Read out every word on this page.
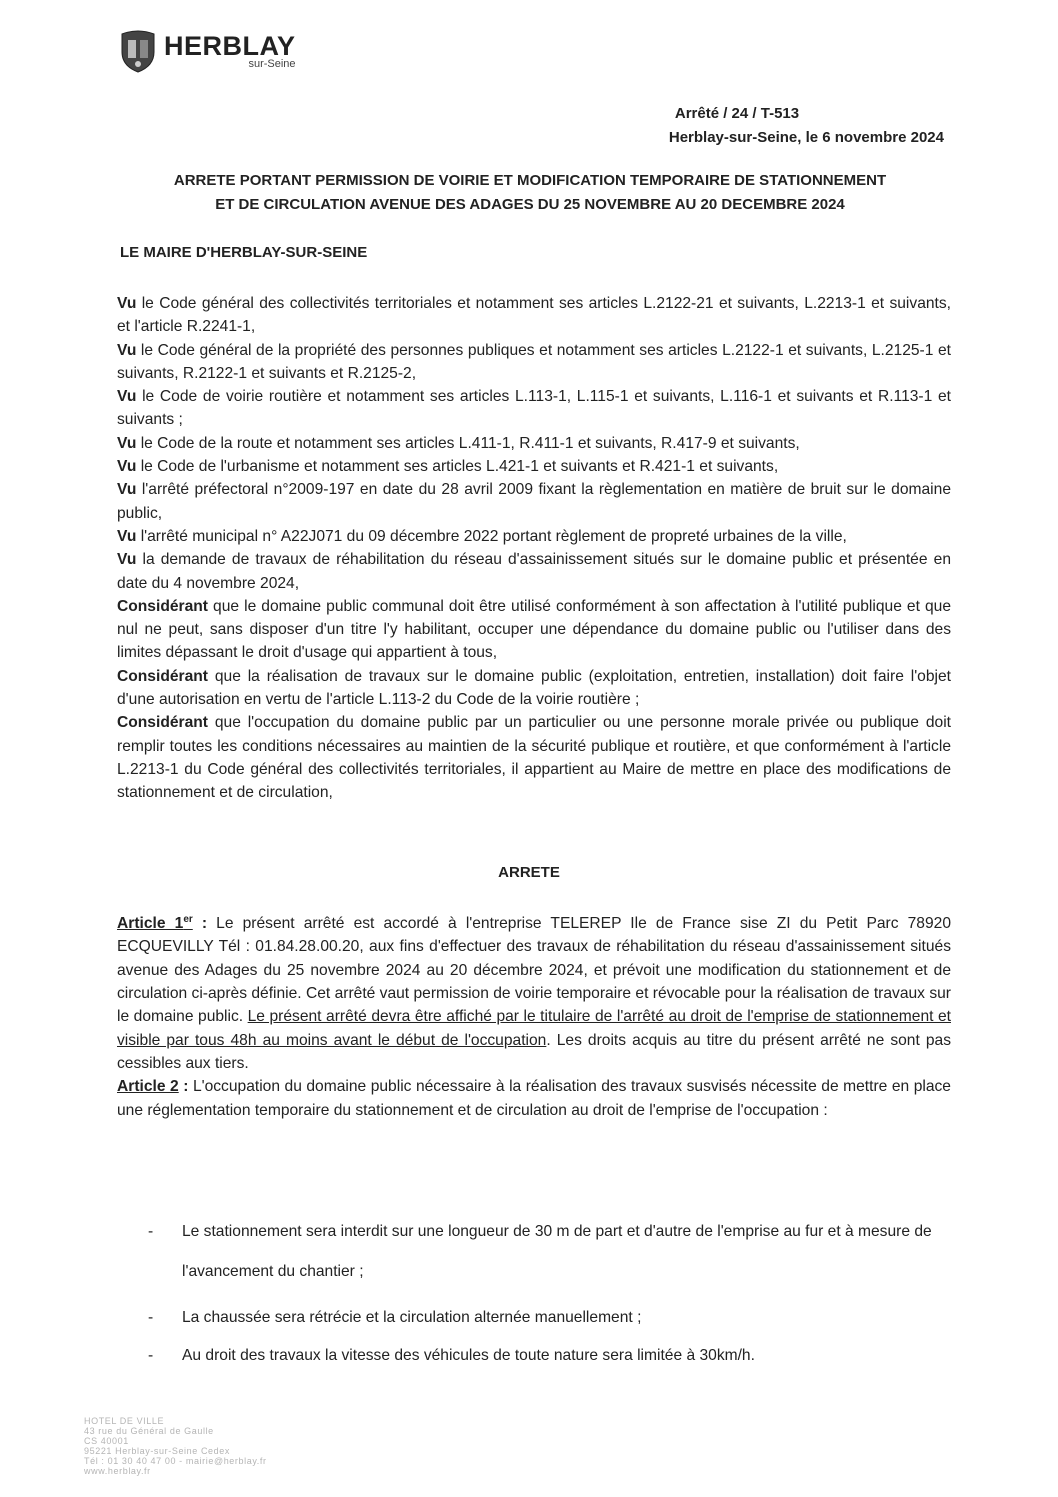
HERBLAY
sur-Seine
Arrêté / 24 / T-513
Herblay-sur-Seine, le 6 novembre 2024
ARRETE PORTANT PERMISSION DE VOIRIE ET MODIFICATION TEMPORAIRE DE STATIONNEMENT
ET DE CIRCULATION AVENUE DES ADAGES DU 25 NOVEMBRE AU 20 DECEMBRE 2024
LE MAIRE D'HERBLAY-SUR-SEINE

Vu le Code général des collectivités territoriales et notamment ses articles L.2122-21 et suivants, L.2213-1 et suivants, et l'article R.2241-1,

Vu le Code général de la propriété des personnes publiques et notamment ses articles L.2122-1 et suivants, L.2125-1 et suivants, R.2122-1 et suivants et R.2125-2,

Vu le Code de voirie routière et notamment ses articles L.113-1, L.115-1 et suivants, L.116-1 et suivants et R.113-1 et suivants ;

Vu le Code de la route et notamment ses articles L.411-1, R.411-1 et suivants, R.417-9 et suivants,

Vu le Code de l'urbanisme et notamment ses articles L.421-1 et suivants et R.421-1 et suivants,

Vu l'arrêté préfectoral n°2009-197 en date du 28 avril 2009 fixant la règlementation en matière de bruit sur le domaine public,

Vu l'arrêté municipal n° A22J071 du 09 décembre 2022 portant règlement de propreté urbaines de la ville,

Vu la demande de travaux de réhabilitation du réseau d'assainissement situés sur le domaine public et présentée en date du 4 novembre 2024,

Considérant que le domaine public communal doit être utilisé conformément à son affectation à l'utilité publique et que nul ne peut, sans disposer d'un titre l'y habilitant, occuper une dépendance du domaine public ou l'utiliser dans des limites dépassant le droit d'usage qui appartient à tous,

Considérant que la réalisation de travaux sur le domaine public (exploitation, entretien, installation) doit faire l'objet d'une autorisation en vertu de l'article L.113-2 du Code de la voirie routière ;

Considérant que l'occupation du domaine public par un particulier ou une personne morale privée ou publique doit remplir toutes les conditions nécessaires au maintien de la sécurité publique et routière, et que conformément à l'article L.2213-1 du Code général des collectivités territoriales, il appartient au Maire de mettre en place des modifications de stationnement et de circulation,

ARRETE

Article 1er : Le présent arrêté est accordé à l'entreprise TELEREP Ile de France sise ZI du Petit Parc 78920 ECQUEVILLY Tél : 01.84.28.00.20, aux fins d'effectuer des travaux de réhabilitation du réseau d'assainissement situés avenue des Adages du 25 novembre 2024 au 20 décembre 2024, et prévoit une modification du stationnement et de circulation ci-après définie. Cet arrêté vaut permission de voirie temporaire et révocable pour la réalisation de travaux sur le domaine public. Le présent arrêté devra être affiché par le titulaire de l'arrêté au droit de l'emprise de stationnement et visible par tous 48h au moins avant le début de l'occupation. Les droits acquis au titre du présent arrêté ne sont pas cessibles aux tiers.

Article 2 : L'occupation du domaine public nécessaire à la réalisation des travaux susvisés nécessite de mettre en place une réglementation temporaire du stationnement et de circulation au droit de l'emprise de l'occupation :

-	Le stationnement sera interdit sur une longueur de 30 m de part et d'autre de l'emprise au fur et à mesure de l'avancement du chantier ;
-	La chaussée sera rétrécie et la circulation alternée manuellement ;
-	Au droit des travaux la vitesse des véhicules de toute nature sera limitée à 30km/h.
HOTEL DE VILLE
43 rue du Général de Gaulle
CS 40001
95221 Herblay-sur-Seine Cedex
Tél : 01 30 40 47 00 - mairie@herblay.fr
www.herblay.fr
